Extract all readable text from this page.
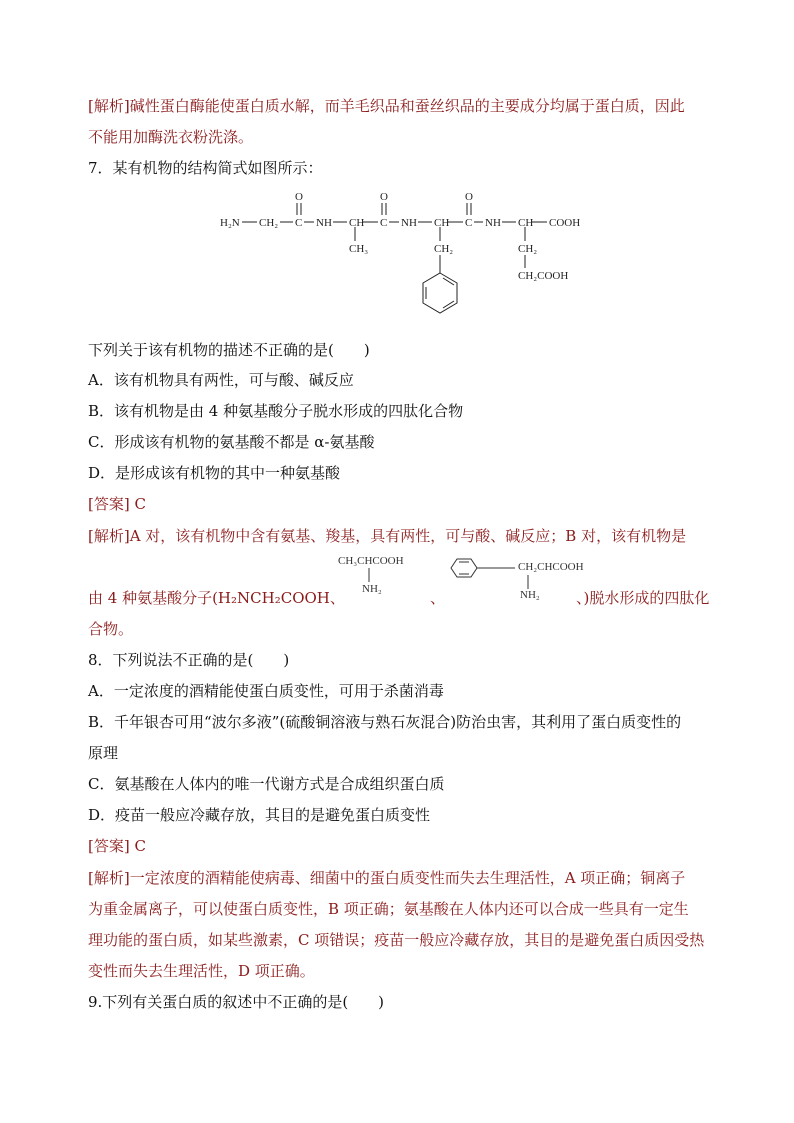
[解析]碱性蛋白酶能使蛋白质水解，而羊毛织品和蚕丝织品的主要成分均属于蛋白质，因此
不能用加酶洗衣粉洗涤。
7．某有机物的结构简式如图所示：
H₂N CH₂ C
O
NH CH
CH₃
C
O
NH CH
CH₂
C
O
NH CH COOH
CH₂
CH₂COOH
下列关于该有机物的描述不正确的是(　　)
A．该有机物具有两性，可与酸、碱反应
B．该有机物是由 4 种氨基酸分子脱水形成的四肽化合物
C．形成该有机物的氨基酸不都是 α-氨基酸
D．是形成该有机物的其中一种氨基酸
[答案] C
[解析]A 对，该有机物中含有氨基、羧基，具有两性，可与酸、碱反应；B 对，该有机物是
CH₃CHCOOH
NH₂
CH₂CHCOOH
NH₂
由 4 种氨基酸分子(H₂NCH₂COOH、	、	、)脱水形成的四肽化
合物。
8．下列说法不正确的是(　　)
A．一定浓度的酒精能使蛋白质变性，可用于杀菌消毒
B．千年银杏可用“波尔多液”(硫酸铜溶液与熟石灰混合)防治虫害，其利用了蛋白质变性的
原理
C．氨基酸在人体内的唯一代谢方式是合成组织蛋白质
D．疫苗一般应冷藏存放，其目的是避免蛋白质变性
[答案] C
[解析]一定浓度的酒精能使病毒、细菌中的蛋白质变性而失去生理活性，A 项正确；铜离子
为重金属离子，可以使蛋白质变性，B 项正确；氨基酸在人体内还可以合成一些具有一定生
理功能的蛋白质，如某些激素，C 项错误；疫苗一般应冷藏存放，其目的是避免蛋白质因受热
变性而失去生理活性，D 项正确。
9.下列有关蛋白质的叙述中不正确的是(　　)
